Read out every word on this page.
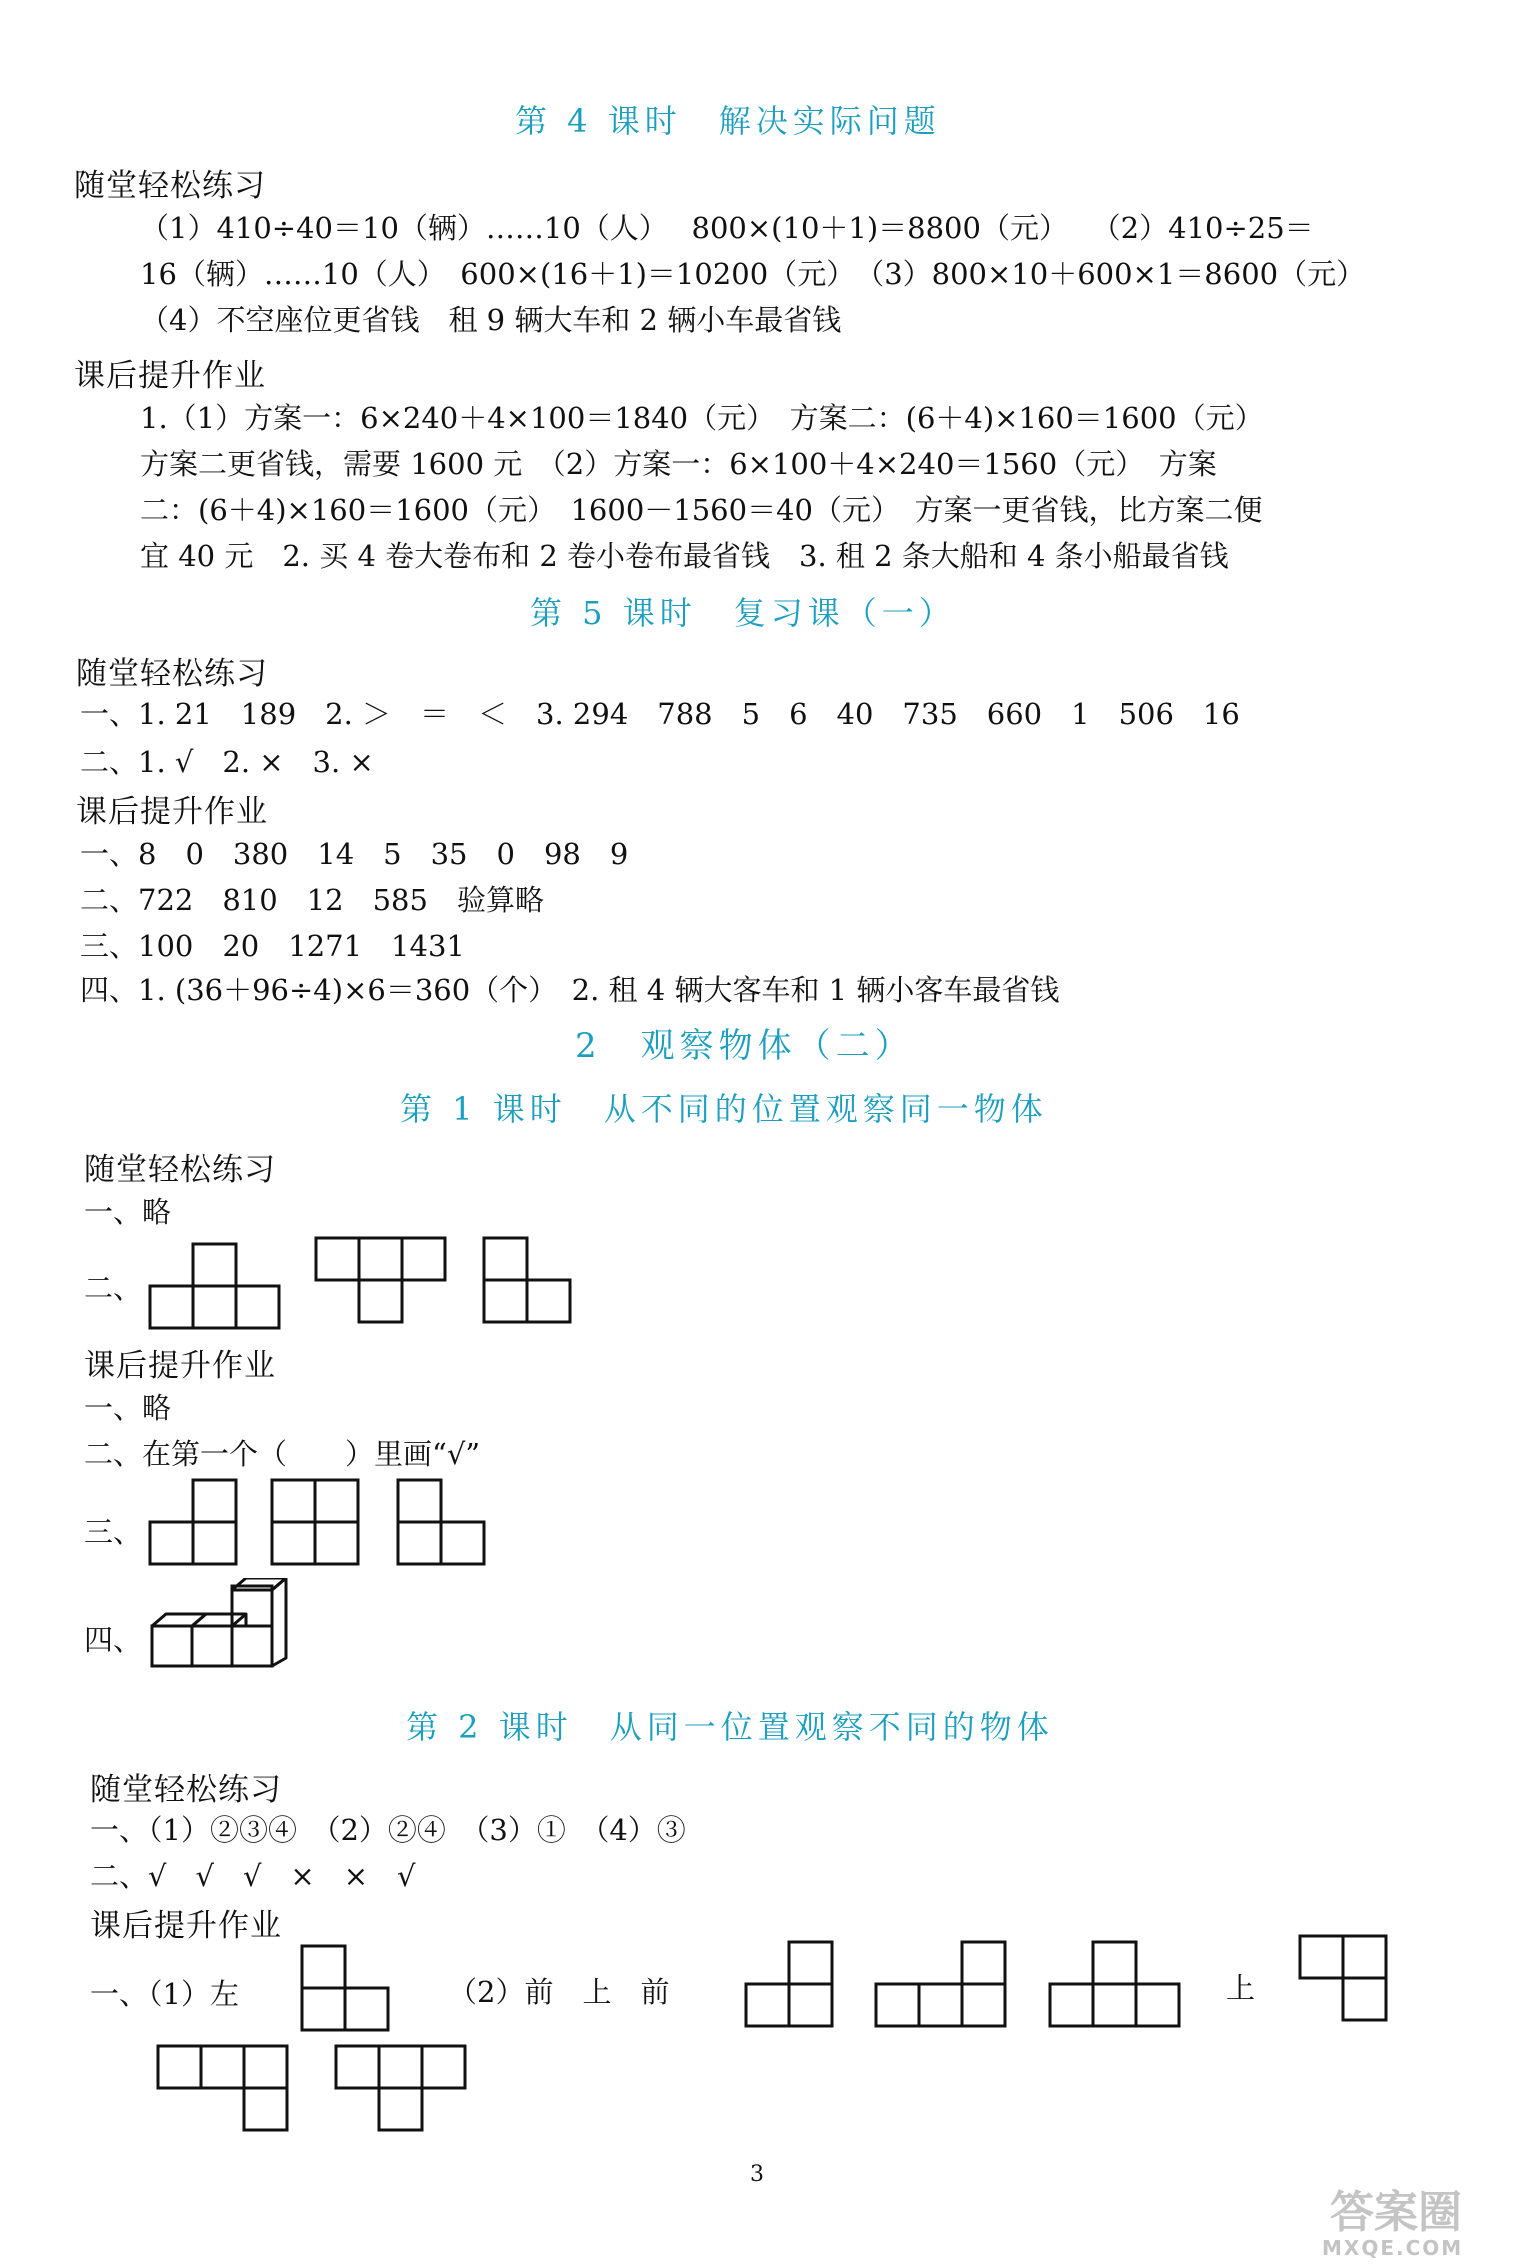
第 4 课时　解决实际问题
随堂轻松练习
（1）410÷40＝10（辆）……10（人）　 800×(10＋1)＝8800（元）　 （2）410÷25＝
16（辆）……10（人）　600×(16＋1)＝10200（元）　（3）800×10＋600×1＝8600（元）
（4）不空座位更省钱　租 9 辆大车和 2 辆小车最省钱
课后提升作业
1.（1）方案一：6×240＋4×100＝1840（元）　方案二：(6＋4)×160＝1600（元）
方案二更省钱，需要 1600 元　（2）方案一：6×100＋4×240＝1560（元）　方案
二：(6＋4)×160＝1600（元）　1600－1560＝40（元）　方案一更省钱，比方案二便
宜 40 元　2. 买 4 卷大卷布和 2 卷小卷布最省钱　3. 租 2 条大船和 4 条小船最省钱
第 5 课时　复习课（一）
随堂轻松练习
一、1. 21　189　2. ＞　＝　＜　3. 294　788　5　6　40　735　660　1　506　16
二、1. √　2. ×　3. ×
课后提升作业
一、8　0　380　14　5　35　0　98　9
二、722　810　12　585　验算略
三、100　20　1271　1431
四、1. (36＋96÷4)×6＝360（个）　2. 租 4 辆大客车和 1 辆小客车最省钱
2　观察物体（二）
第 1 课时　从不同的位置观察同一物体
随堂轻松练习
一、略
二、
课后提升作业
一、略
二、在第一个（　　）里画“√”
三、
四、
第 2 课时　从同一位置观察不同的物体
随堂轻松练习
一、（1）②③④　（2）②④　（3）①　（4）③
二、√　√　√　×　×　√
课后提升作业
一、（1）左	（2）前　上　前	上
3
答案圈
MXQE.COM
